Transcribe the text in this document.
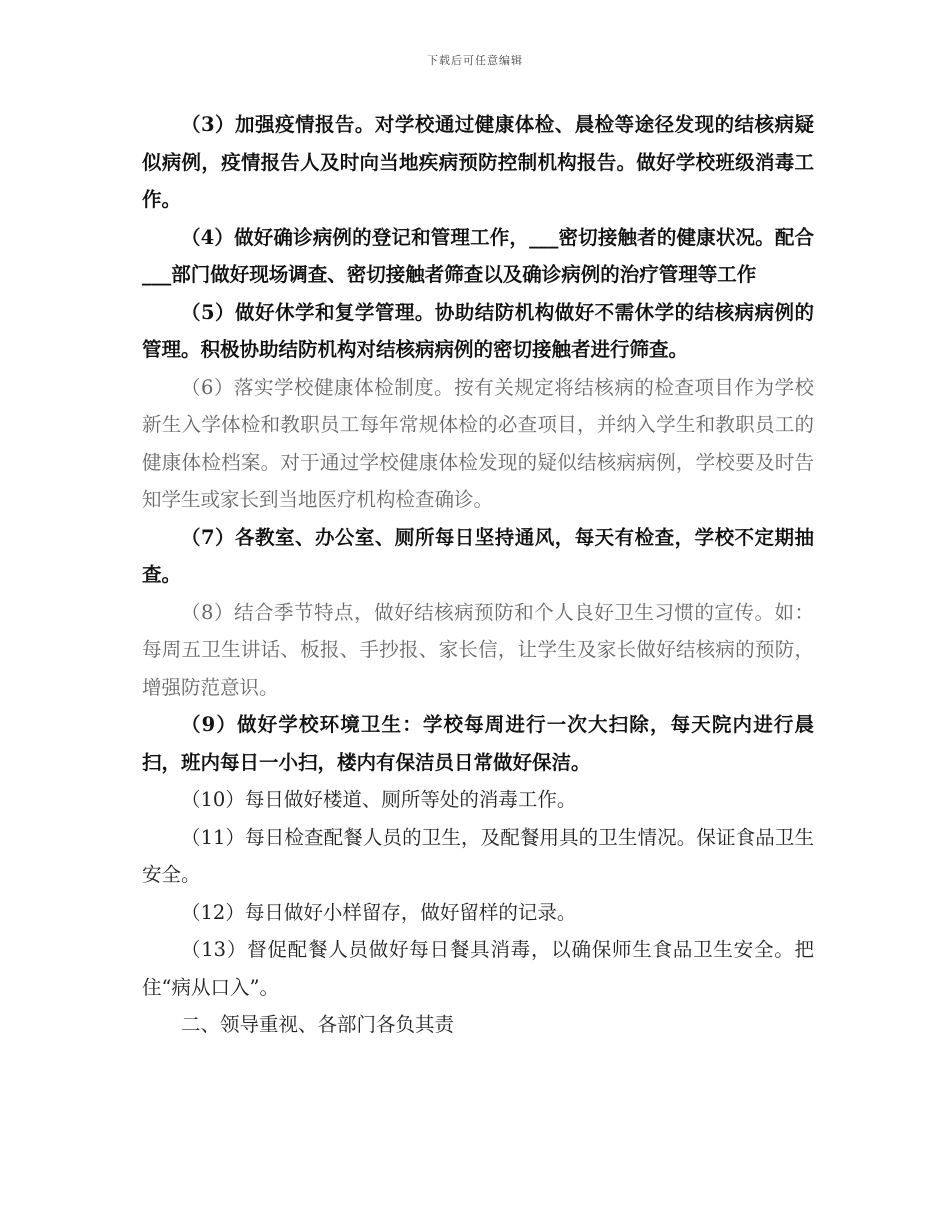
下载后可任意编辑

（3）加强疫情报告。对学校通过健康体检、晨检等途径发现的结核病疑似病例，疫情报告人及时向当地疾病预防控制机构报告。做好学校班级消毒工作。

（4）做好确诊病例的登记和管理工作，___密切接触者的健康状况。配合___部门做好现场调查、密切接触者筛查以及确诊病例的治疗管理等工作

（5）做好休学和复学管理。协助结防机构做好不需休学的结核病病例的管理。积极协助结防机构对结核病病例的密切接触者进行筛查。

（6）落实学校健康体检制度。按有关规定将结核病的检查项目作为学校新生入学体检和教职员工每年常规体检的必查项目，并纳入学生和教职员工的健康体检档案。对于通过学校健康体检发现的疑似结核病病例，学校要及时告知学生或家长到当地医疗机构检查确诊。

（7）各教室、办公室、厕所每日坚持通风，每天有检查，学校不定期抽查。

（8）结合季节特点，做好结核病预防和个人良好卫生习惯的宣传。如：每周五卫生讲话、板报、手抄报、家长信，让学生及家长做好结核病的预防，增强防范意识。

（9）做好学校环境卫生：学校每周进行一次大扫除，每天院内进行晨扫，班内每日一小扫，楼内有保洁员日常做好保洁。

（10）每日做好楼道、厕所等处的消毒工作。

（11）每日检查配餐人员的卫生，及配餐用具的卫生情况。保证食品卫生安全。

（12）每日做好小样留存，做好留样的记录。

（13）督促配餐人员做好每日餐具消毒，以确保师生食品卫生安全。把住“病从口入”。

二、领导重视、各部门各负其责
